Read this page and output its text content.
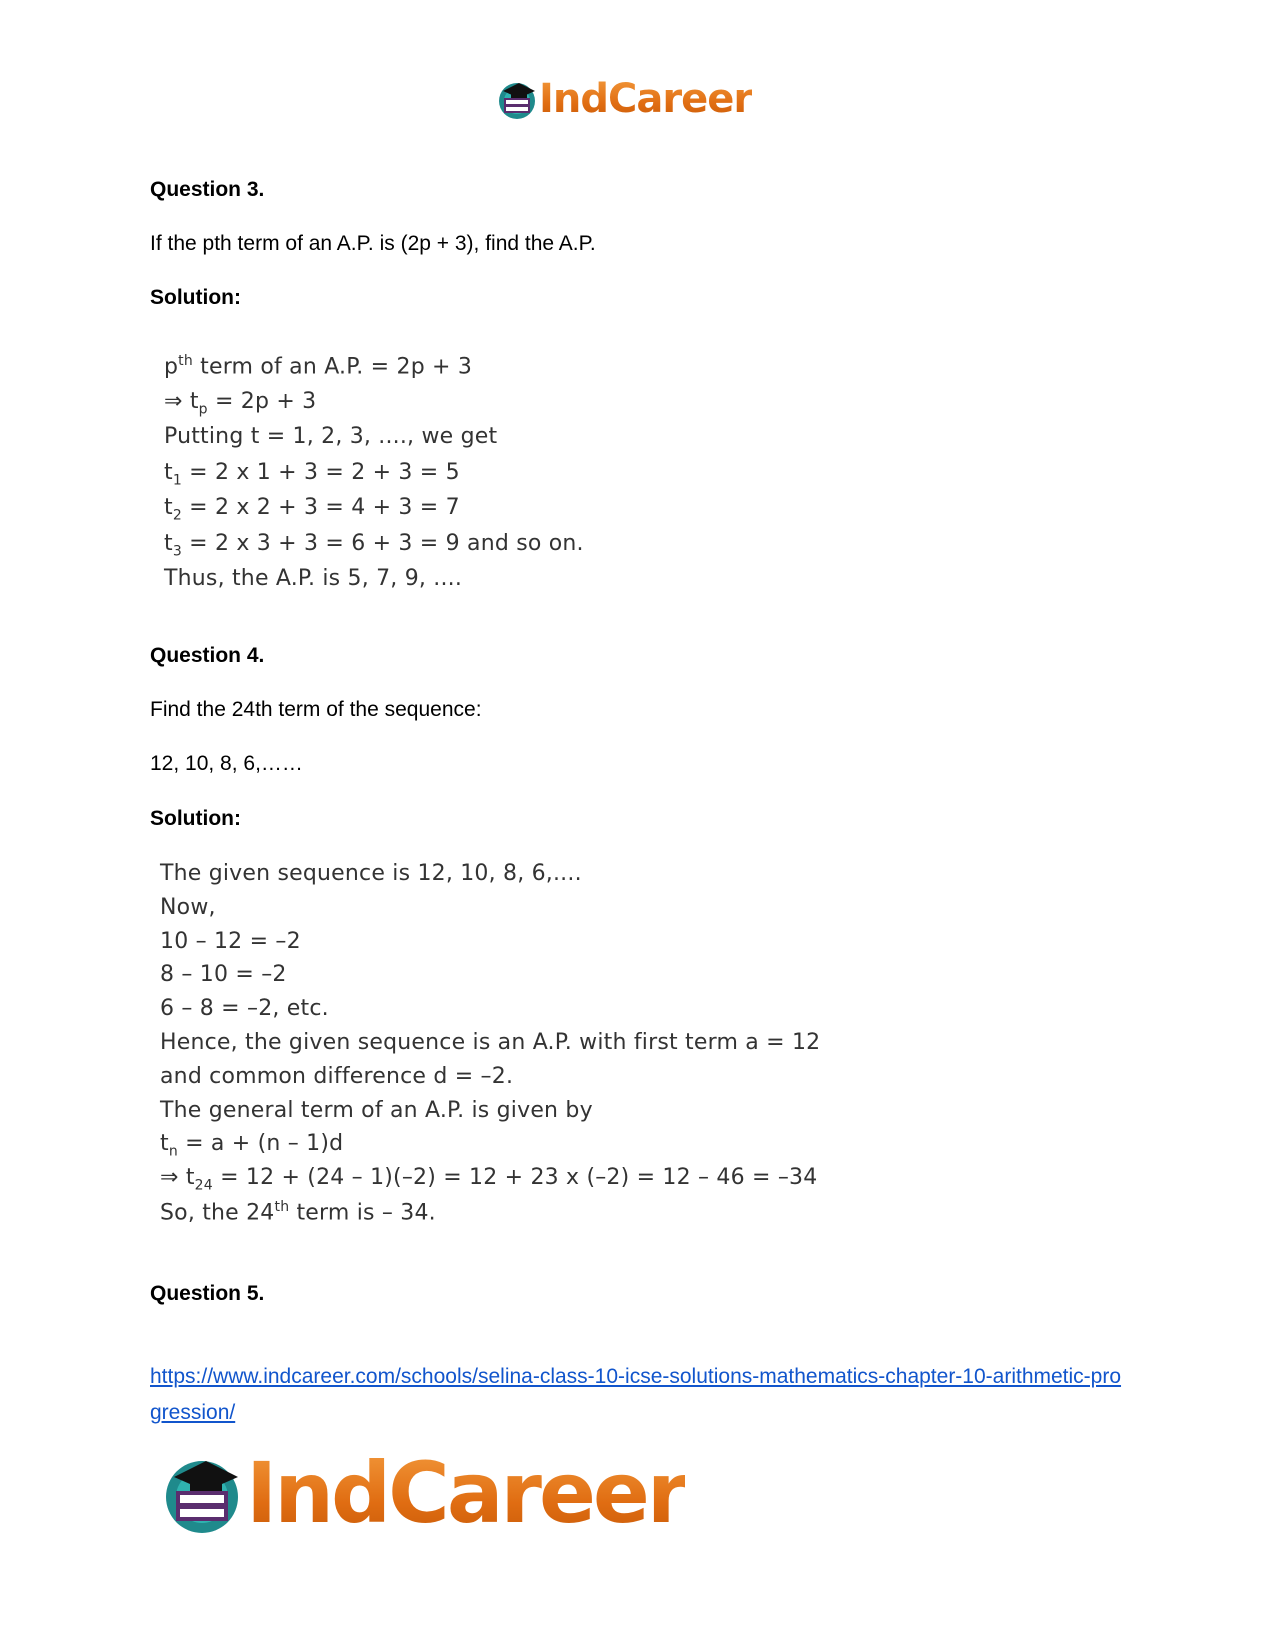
IndCareer
Question 3.
If the pth term of an A.P. is (2p + 3), find the A.P.
Solution:
$p^{th}$ term of an A.P. = 2p + 3
⇒ $t_p = 2p + 3$
Putting t = 1, 2, 3, ...., we get
$t_1 = 2$ x 1 + 3 = 2 + 3 = 5
$t_2 = 2$ x 2 + 3 = 4 + 3 = 7
$t_3 = 2$ x 3 + 3 = 6 + 3 = 9 and so on.
Thus, the A.P. is 5, 7, 9, ....
Question 4.
Find the 24th term of the sequence:
12, 10, 8, 6,……
Solution:
The given sequence is 12, 10, 8, 6,....
Now,
10 – 12 = –2
8 – 10 = –2
6 – 8 = –2, etc.
Hence, the given sequence is an A.P. with first term a = 12
and common difference d = –2.
The general term of an A.P. is given by
$t_n = a + (n - 1)d$
⇒ $t_{24} = 12 + (24 - 1)(-2) = 12 + 23$ x (–2) = 12 – 46 = –34
So, the 24th term is – 34.
Question 5.
https://www.indcareer.com/schools/selina-class-10-icse-solutions-mathematics-chapter-10-arithmetic-progression/
IndCareer
